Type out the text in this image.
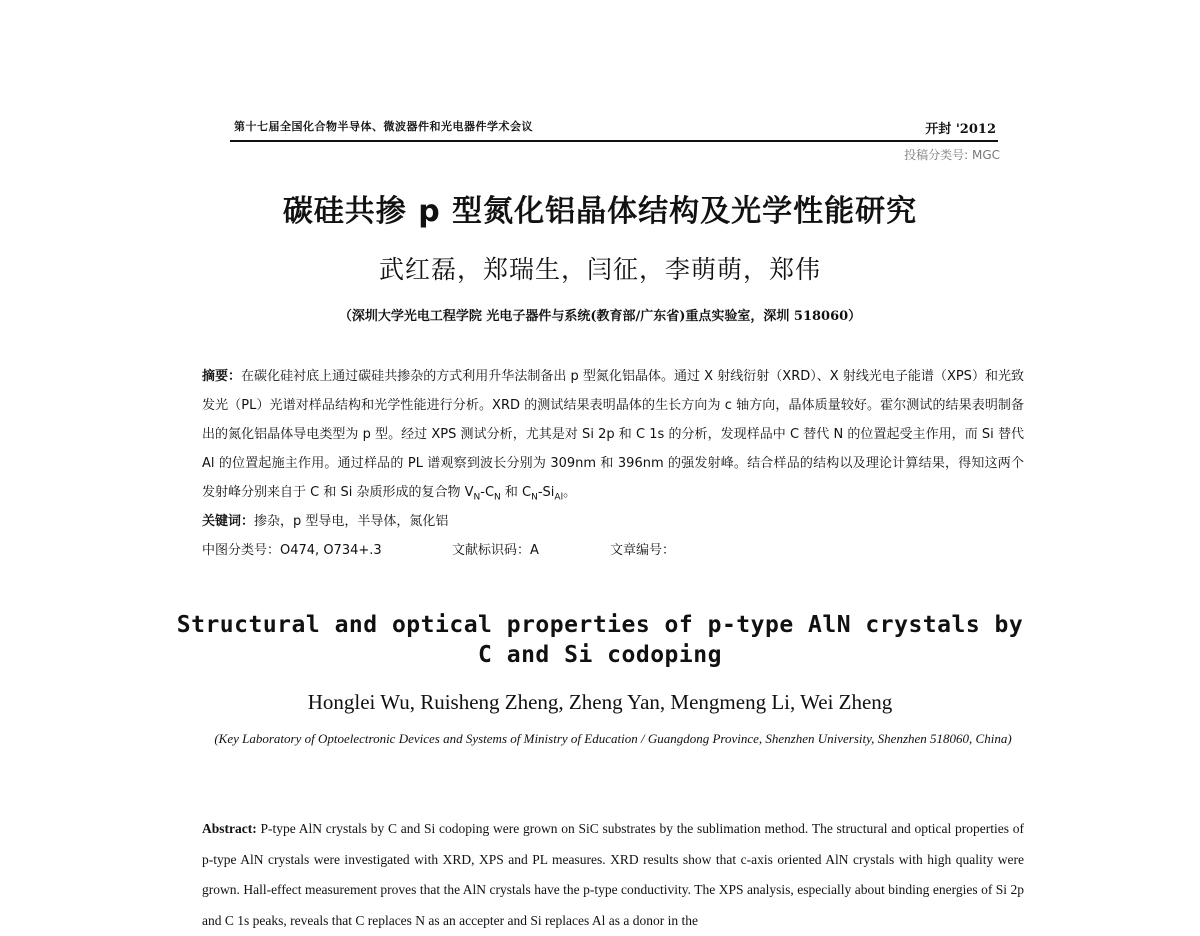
第十七届全国化合物半导体、微波器件和光电器件学术会议	开封 '2012
投稿分类号: MGC
碳硅共掺 p 型氮化铝晶体结构及光学性能研究
武红磊，郑瑞生，闫征，李萌萌，郑伟
（深圳大学光电工程学院 光电子器件与系统(教育部/广东省)重点实验室，深圳 518060）
摘要：在碳化硅衬底上通过碳硅共掺杂的方式利用升华法制备出 p 型氮化铝晶体。通过 X 射线衍射（XRD）、X 射线光电子能谱（XPS）和光致发光（PL）光谱对样品结构和光学性能进行分析。XRD 的测试结果表明晶体的生长方向为 c 轴方向，晶体质量较好。霍尔测试的结果表明制备出的氮化铝晶体导电类型为 p 型。经过 XPS 测试分析，尤其是对 Si 2p 和 C 1s 的分析，发现样品中 C 替代 N 的位置起受主作用，而 Si 替代 Al 的位置起施主作用。通过样品的 PL 谱观察到波长分别为 309nm 和 396nm 的强发射峰。结合样品的结构以及理论计算结果，得知这两个发射峰分别来自于 C 和 Si 杂质形成的复合物 $V_N-C_N$ 和 $C_N-Si_{Al}$。
关键词：掺杂，p 型导电，半导体，氮化铝
中图分类号：O474, O734+.3	文献标识码：A	文章编号：
Structural and optical properties of p-type AlN crystals by
C and Si codoping
Honglei Wu, Ruisheng Zheng, Zheng Yan, Mengmeng Li, Wei Zheng
(Key Laboratory of Optoelectronic Devices and Systems of Ministry of Education / Guangdong Province, Shenzhen University, Shenzhen 518060, China)
Abstract: P-type AlN crystals by C and Si codoping were grown on SiC substrates by the sublimation method. The structural and optical properties of p-type AlN crystals were investigated with XRD, XPS and PL measures. XRD results show that c-axis oriented AlN crystals with high quality were grown. Hall-effect measurement proves that the AlN crystals have the p-type conductivity. The XPS analysis, especially about binding energies of Si 2p and C 1s peaks, reveals that C replaces N as an accepter and Si replaces Al as a donor in the
